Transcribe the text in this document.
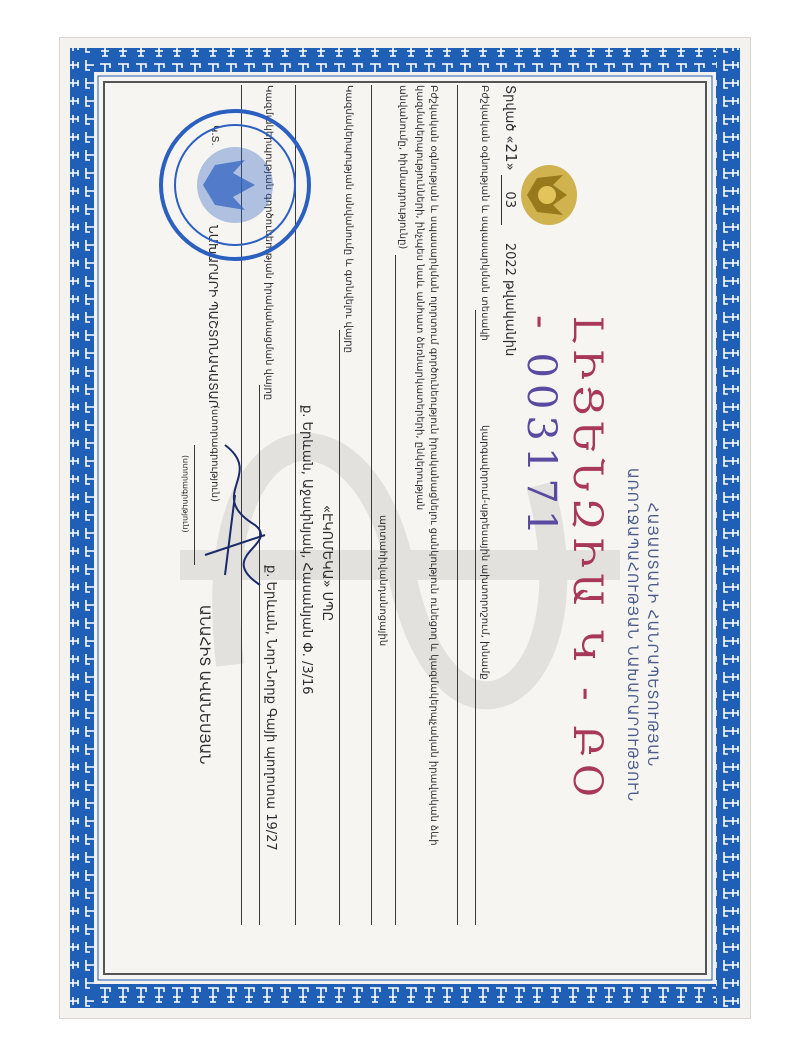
ՀԱՅԱՍՏԱՆԻ ՀԱՆՐԱՊԵՏՈՒԹՅԱՆ
ԱՌՈՂՋԱՊԱՀՈՒԹՅԱՆ ՆԱԽԱՐԱՐՈՒԹՅՈՒՆ
ԼԻՑԵՆԶԻԱ Կ - ԲՕ -003171
Տրված «21» 03 2022 թվականին
Բժշկական օգնության և սպասարկման տեսակի
կարգավորում-սթրեսային ախտորոշում, խնամք
Բժշկական օգնության և սպասարկման ոլորտում գործունեություն իրականացնելու ցանկություն ունեցող և կազմակերպչական իրավական ձևի կազմակերպությունների, ինչպես նաև անհատ ձեռնարկատերերի, ընկերության
անվանումը, հիմնադրությունը)
արտահիվանդանոցային
Կազմակերպության անվանումը և գտնվելու վայրը
«ԷԿՈՄԵԿԱ» ՍՊԸ
ք. Երևան, Աջափնյակ, Հասանյան Փ. /3/16
Կազմակերպության գործունեության իրականացման վայրը
ք. Երևան, Նոր-Նորք Գայի պողոտա 19/27
Կ.Տ.
ՆԱԽԱՐԱՐԻ ՊԱՇՏՈՆԱԿԱՏԱՐ
(ստորագրություն)
ԱՆԱՀԻՏ ԱՎԱՆԵՍՅԱՆ
(ստորագրություն)
